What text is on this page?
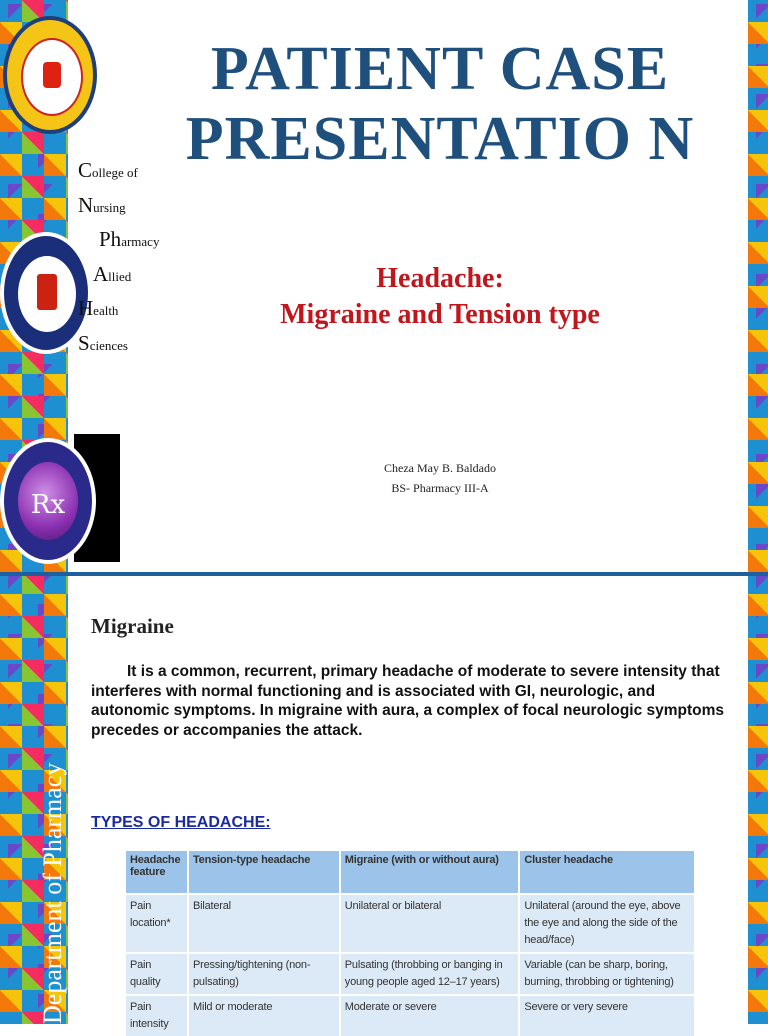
Rx
College of
Nursing
Pharmacy
Allied
Health
Sciences
PATIENT CASE PRESENTATIO N
Headache:
Migraine and Tension type
Cheza May B. Baldado
BS- Pharmacy III-A
Department of Pharmacy
Migraine
It is a common, recurrent, primary headache of moderate to severe intensity that interferes with normal functioning and is associated with GI, neurologic, and autonomic symptoms. In migraine with aura, a complex of focal neurologic symptoms precedes or accompanies the attack.
TYPES OF HEADACHE:
Headache feature	Tension-type headache	Migraine (with or without aura)	Cluster headache
Pain location*	Bilateral	Unilateral or bilateral	Unilateral (around the eye, above the eye and along the side of the head/face)
Pain quality	Pressing/tightening (non-pulsating)	Pulsating (throbbing or banging in young people aged 12–17 years)	Variable (can be sharp, boring, burning, throbbing or tightening)
Pain intensity	Mild or moderate	Moderate or severe	Severe or very severe
